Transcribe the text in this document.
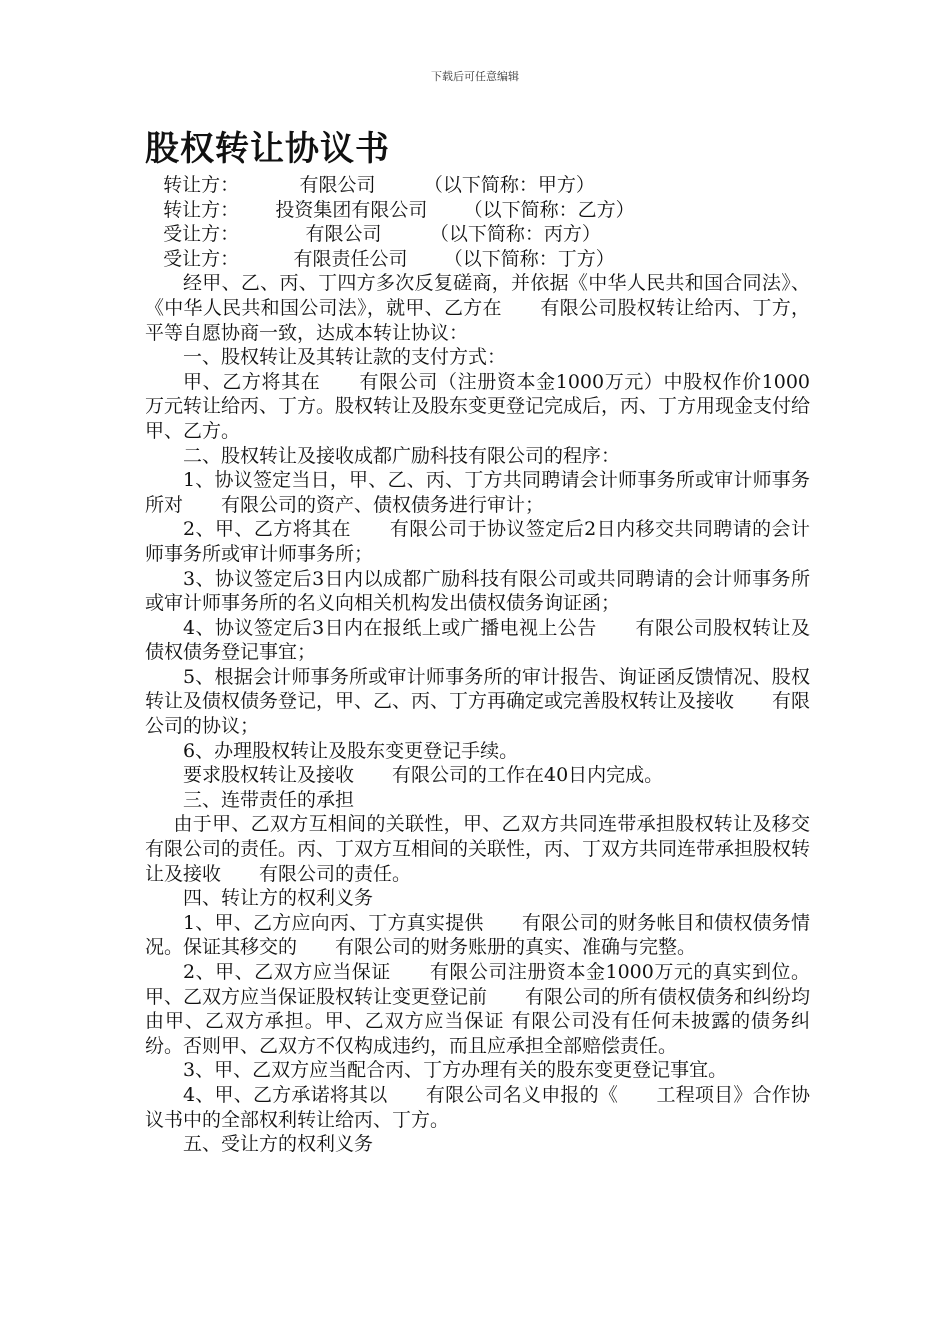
下载后可任意编辑
股权转让协议书
转让方：          有限公司        （以下简称：甲方）
转让方：      投资集团有限公司      （以下简称：乙方）
受让方：           有限公司        （以下简称：丙方）
受让方：         有限责任公司      （以下简称：丁方）

经甲、乙、丙、丁四方多次反复磋商，并依据《中华人民共和国合同法》、《中华人民共和国公司法》，就甲、乙方在　　有限公司股权转让给丙、丁方，平等自愿协商一致，达成本转让协议：

一、股权转让及其转让款的支付方式：

甲、乙方将其在　　有限公司（注册资本金1000万元）中股权作价1000万元转让给丙、丁方。股权转让及股东变更登记完成后，丙、丁方用现金支付给甲、乙方。

二、股权转让及接收成都广励科技有限公司的程序：

1、协议签定当日，甲、乙、丙、丁方共同聘请会计师事务所或审计师事务所对　　有限公司的资产、债权债务进行审计；

2、甲、乙方将其在　　有限公司于协议签定后2日内移交共同聘请的会计师事务所或审计师事务所；

3、协议签定后3日内以成都广励科技有限公司或共同聘请的会计师事务所或审计师事务所的名义向相关机构发出债权债务询证函；

4、协议签定后3日内在报纸上或广播电视上公告　　有限公司股权转让及债权债务登记事宜；

5、根据会计师事务所或审计师事务所的审计报告、询证函反馈情况、股权转让及债权债务登记，甲、乙、丙、丁方再确定或完善股权转让及接收　　有限公司的协议；

6、办理股权转让及股东变更登记手续。

要求股权转让及接收　　有限公司的工作在40日内完成。

三、连带责任的承担

由于甲、乙双方互相间的关联性，甲、乙双方共同连带承担股权转让及移交　　有限公司的责任。丙、丁双方互相间的关联性，丙、丁双方共同连带承担股权转让及接收　　有限公司的责任。

四、转让方的权利义务

1、甲、乙方应向丙、丁方真实提供　　有限公司的财务帐目和债权债务情况。保证其移交的　　有限公司的财务账册的真实、准确与完整。

2、甲、乙双方应当保证　　有限公司注册资本金1000万元的真实到位。甲、乙双方应当保证股权转让变更登记前　　有限公司的所有债权债务和纠纷均由甲、乙双方承担。甲、乙双方应当保证 有限公司没有任何未披露的债务纠纷。否则甲、乙双方不仅构成违约，而且应承担全部赔偿责任。

3、甲、乙双方应当配合丙、丁方办理有关的股东变更登记事宜。

4、甲、乙方承诺将其以　　有限公司名义申报的《　　工程项目》合作协议书中的全部权利转让给丙、丁方。

五、受让方的权利义务
